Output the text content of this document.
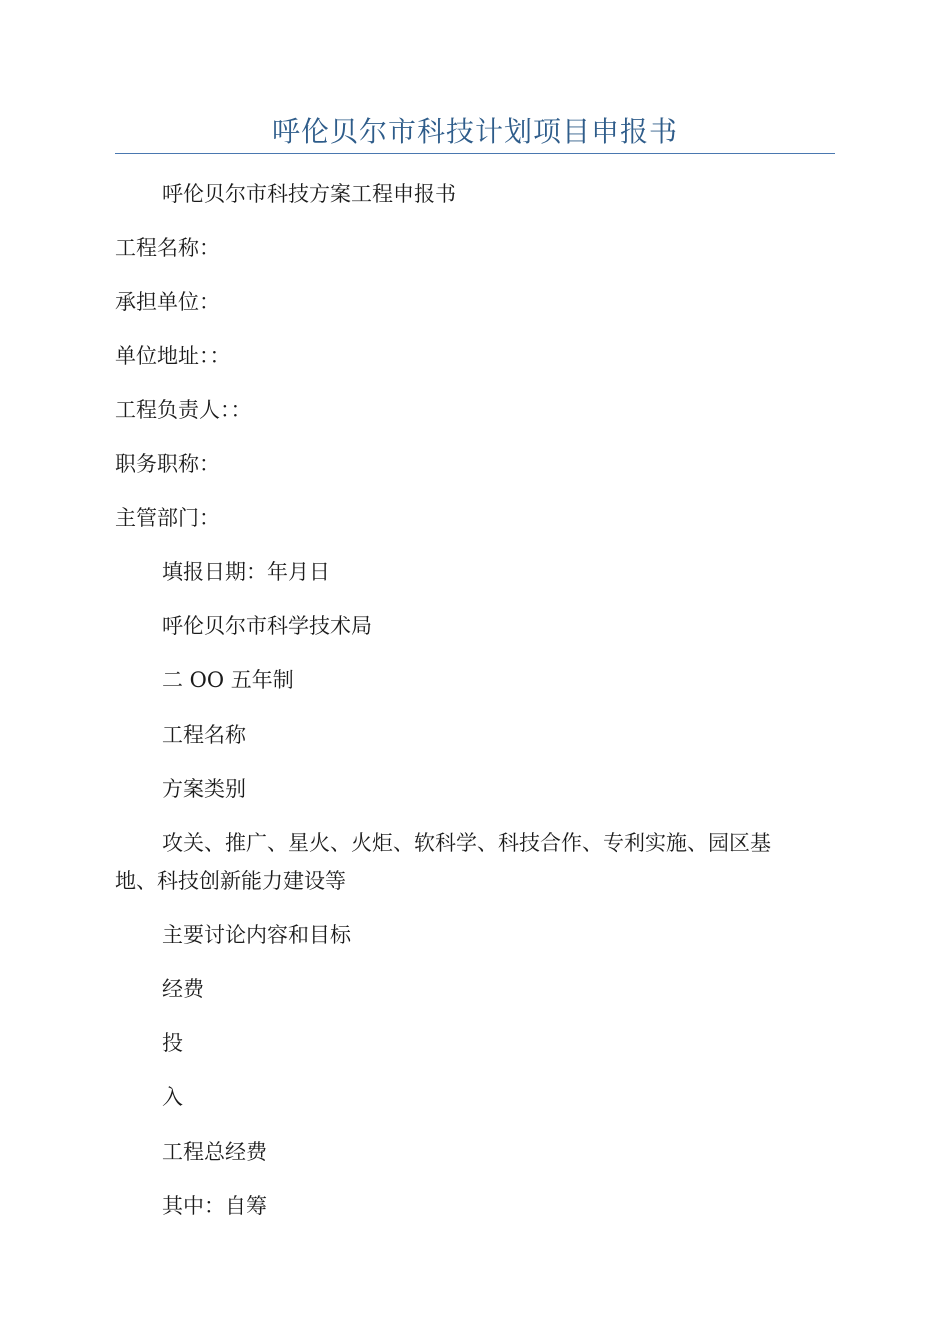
呼伦贝尔市科技计划项目申报书
呼伦贝尔市科技方案工程申报书
工程名称：
承担单位：
单位地址：：
工程负责人：：
职务职称：
主管部门：
填报日期：年月日
呼伦贝尔市科学技术局
二 OO 五年制
工程名称
方案类别
攻关、推广、星火、火炬、软科学、科技合作、专利实施、园区基
地、科技创新能力建设等
主要讨论内容和目标
经费
投
入
工程总经费
其中：自筹
